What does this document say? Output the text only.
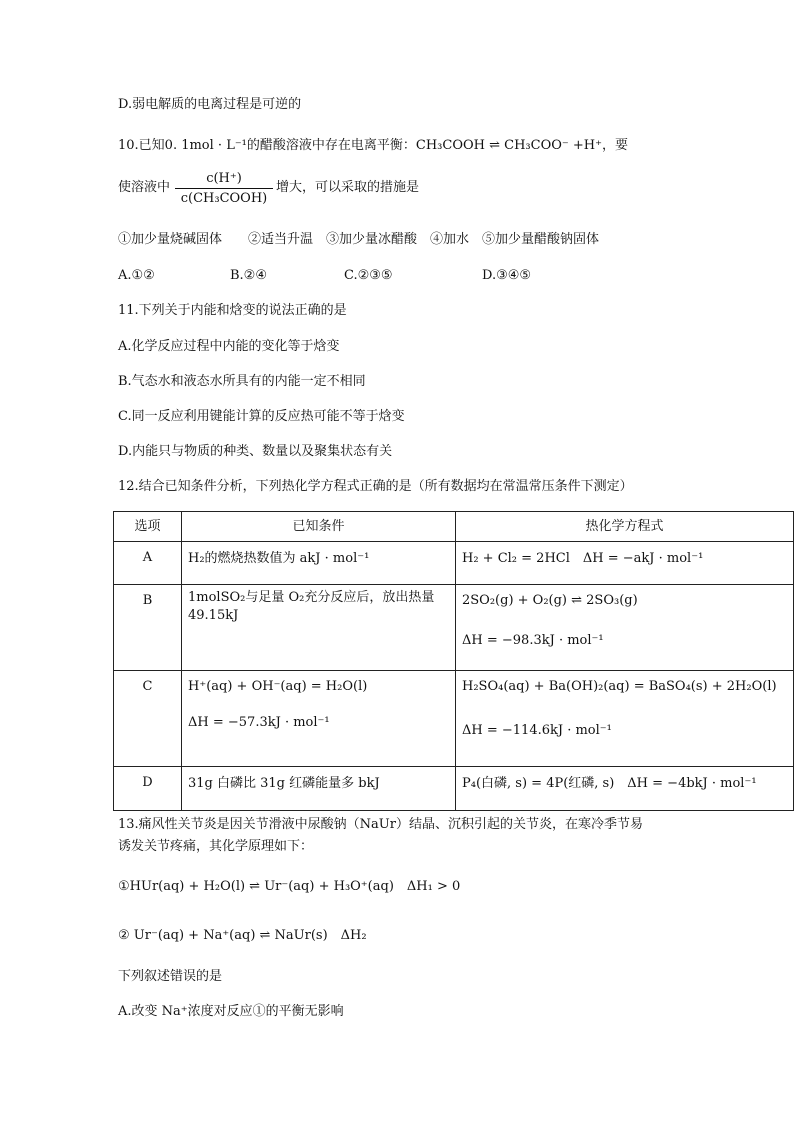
D.弱电解质的电离过程是可逆的
10.已知0. 1mol · L⁻¹的醋酸溶液中存在电离平衡：CH₃COOH ⇌ CH₃COO⁻ +H⁺，要
使溶液中
c(H⁺)
c(CH₃COOH)
增大，可以采取的措施是
①加少量烧碱固体　　②适当升温　③加少量冰醋酸　④加水　⑤加少量醋酸钠固体
A.①②	B.②④	C.②③⑤	D.③④⑤
11.下列关于内能和焓变的说法正确的是
A.化学反应过程中内能的变化等于焓变
B.气态水和液态水所具有的内能一定不相同
C.同一反应利用键能计算的反应热可能不等于焓变
D.内能只与物质的种类、数量以及聚集状态有关
12.结合已知条件分析，下列热化学方程式正确的是（所有数据均在常温常压条件下测定）
选项	已知条件	热化学方程式
A	H₂的燃烧热数值为 akJ · mol⁻¹	H₂ + Cl₂ = 2HCl　ΔH = −akJ · mol⁻¹

B	1molSO₂与足量 O₂充分反应后，放出热量
49.15kJ	2SO₂(g) + O₂(g) ⇌ 2SO₃(g)
ΔH = −98.3kJ · mol⁻¹

C	H⁺(aq) + OH⁻(aq) = H₂O(l)
ΔH = −57.3kJ · mol⁻¹	H₂SO₄(aq) + Ba(OH)₂(aq) = BaSO₄(s) + 2H₂O(l)
ΔH = −114.6kJ · mol⁻¹

D	31g 白磷比 31g 红磷能量多 bkJ	P₄(白磷, s) = 4P(红磷, s)　ΔH = −4bkJ · mol⁻¹
13.痛风性关节炎是因关节滑液中尿酸钠（NaUr）结晶、沉积引起的关节炎，在寒冷季节易
诱发关节疼痛，其化学原理如下：
①HUr(aq) + H₂O(l) ⇌ Ur⁻(aq) + H₃O⁺(aq)　ΔH₁ > 0
② Ur⁻(aq) + Na⁺(aq) ⇌ NaUr(s)　ΔH₂
下列叙述错误的是
A.改变 Na⁺浓度对反应①的平衡无影响
